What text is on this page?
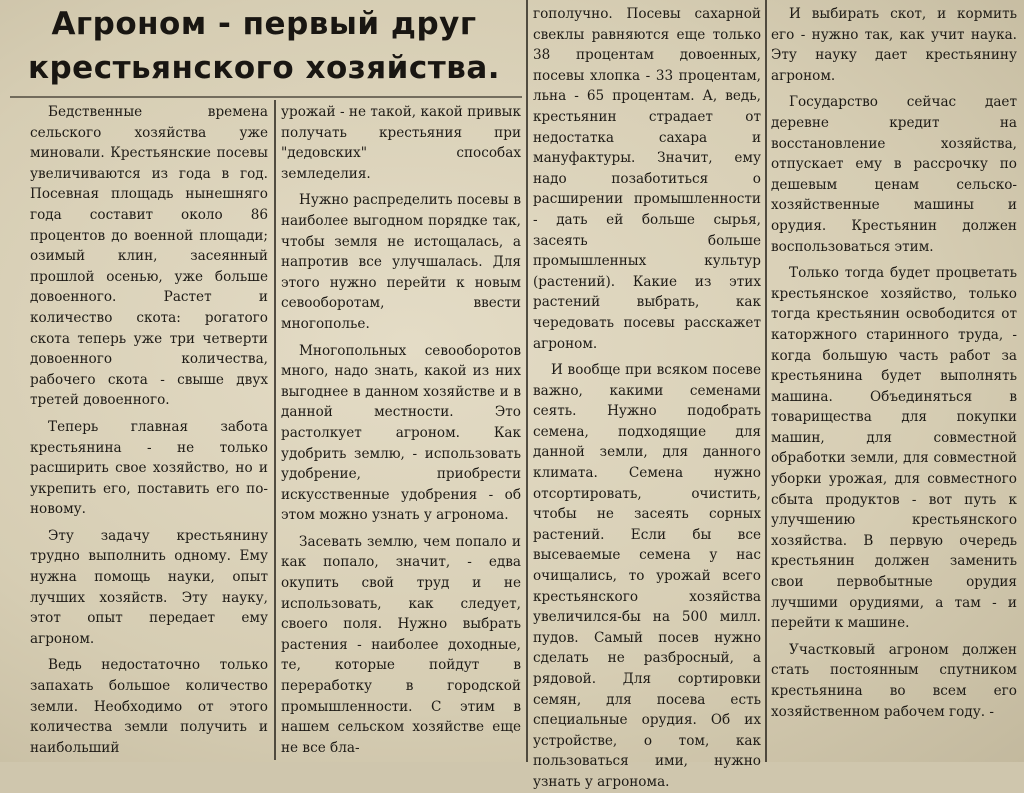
Агроном - первый друг крестьянского хозяйства.

Бедственные времена сельского хозяйства уже миновали. Крестьянские посевы увеличиваются из года в год. Посевная площадь нынешняго года составит около 86 процентов до военной площади; озимый клин, засеянный прошлой осенью, уже больше довоенного. Растет и количество скота: рогатого скота теперь уже три четверти довоенного количества, рабочего скота - свыше двух третей довоенного.

Теперь главная забота крестьянина - не только расширить свое хозяйство, но и укрепить его, поставить его по-новому.

Эту задачу крестьянину трудно выполнить одному. Ему нужна помощь науки, опыт лучших хозяйств. Эту науку, этот опыт передает ему агроном.

Ведь недостаточно только запахать большое количество земли. Необходимо от этого количества земли получить и наибольший

урожай - не такой, какой привык получать крестьяния при "дедовских" способах земледелия.

Нужно распределить посевы в наиболее выгодном порядке так, чтобы земля не истощалась, а напротив все улучшалась. Для этого нужно перейти к новым севооборотам, ввести многополье.

Многопольных севооборотов много, надо знать, какой из них выгоднее в данном хозяйстве и в данной местности. Это растолкует агроном. Как удобрить землю, - использовать удобрение, приобрести искусственные удобрения - об этом можно узнать у агронома.

Засевать землю, чем попало и как попало, значит, - едва окупить свой труд и не использовать, как следует, своего поля. Нужно выбрать растения - наиболее доходные, те, которые пойдут в переработку в городской промышленности. С этим в нашем сельском хозяйстве еще не все бла-

гополучно. Посевы сахарной свеклы равняются еще только 38 процентам довоенных, посевы хлопка - 33 процентам, льна - 65 процентам. А, ведь, крестьянин страдает от недостатка сахара и мануфактуры. Значит, ему надо позаботиться о расширении промышленности - дать ей больше сырья, засеять больше промышленных культур (растений). Какие из этих растений выбрать, как чередовать посевы расскажет агроном.

И вообще при всяком посеве важно, какими семенами сеять. Нужно подобрать семена, подходящие для данной земли, для данного климата. Семена нужно отсортировать, очистить, чтобы не засеять сорных растений. Если бы все высеваемые семена у нас очищались, то урожай всего крестьянского хозяйства увеличился-бы на 500 милл. пудов. Самый посев нужно сделать не разбросный, а рядовой. Для сортировки семян, для посева есть специальные орудия. Об их устройстве, о том, как пользоваться ими, нужно узнать у агронома.

И выбирать скот, и кормить его - нужно так, как учит наука. Эту науку дает крестьянину агроном.

Государство сейчас дает деревне кредит на восстановление хозяйства, отпускает ему в рассрочку по дешевым ценам сельско-хозяйственные машины и орудия. Крестьянин должен воспользоваться этим.

Только тогда будет процветать крестьянское хозяйство, только тогда крестьянин освободится от каторжного старинного труда, - когда большую часть работ за крестьянина будет выполнять машина. Объединяться в товарищества для покупки машин, для совместной обработки земли, для совместной уборки урожая, для совместного сбыта продуктов - вот путь к улучшению крестьянского хозяйства. В первую очередь крестьянин должен заменить свои первобытные орудия лучшими орудиями, а там - и перейти к машине.

Участковый агроном должен стать постоянным спутником крестьянина во всем его хозяйственном рабочем году. -
